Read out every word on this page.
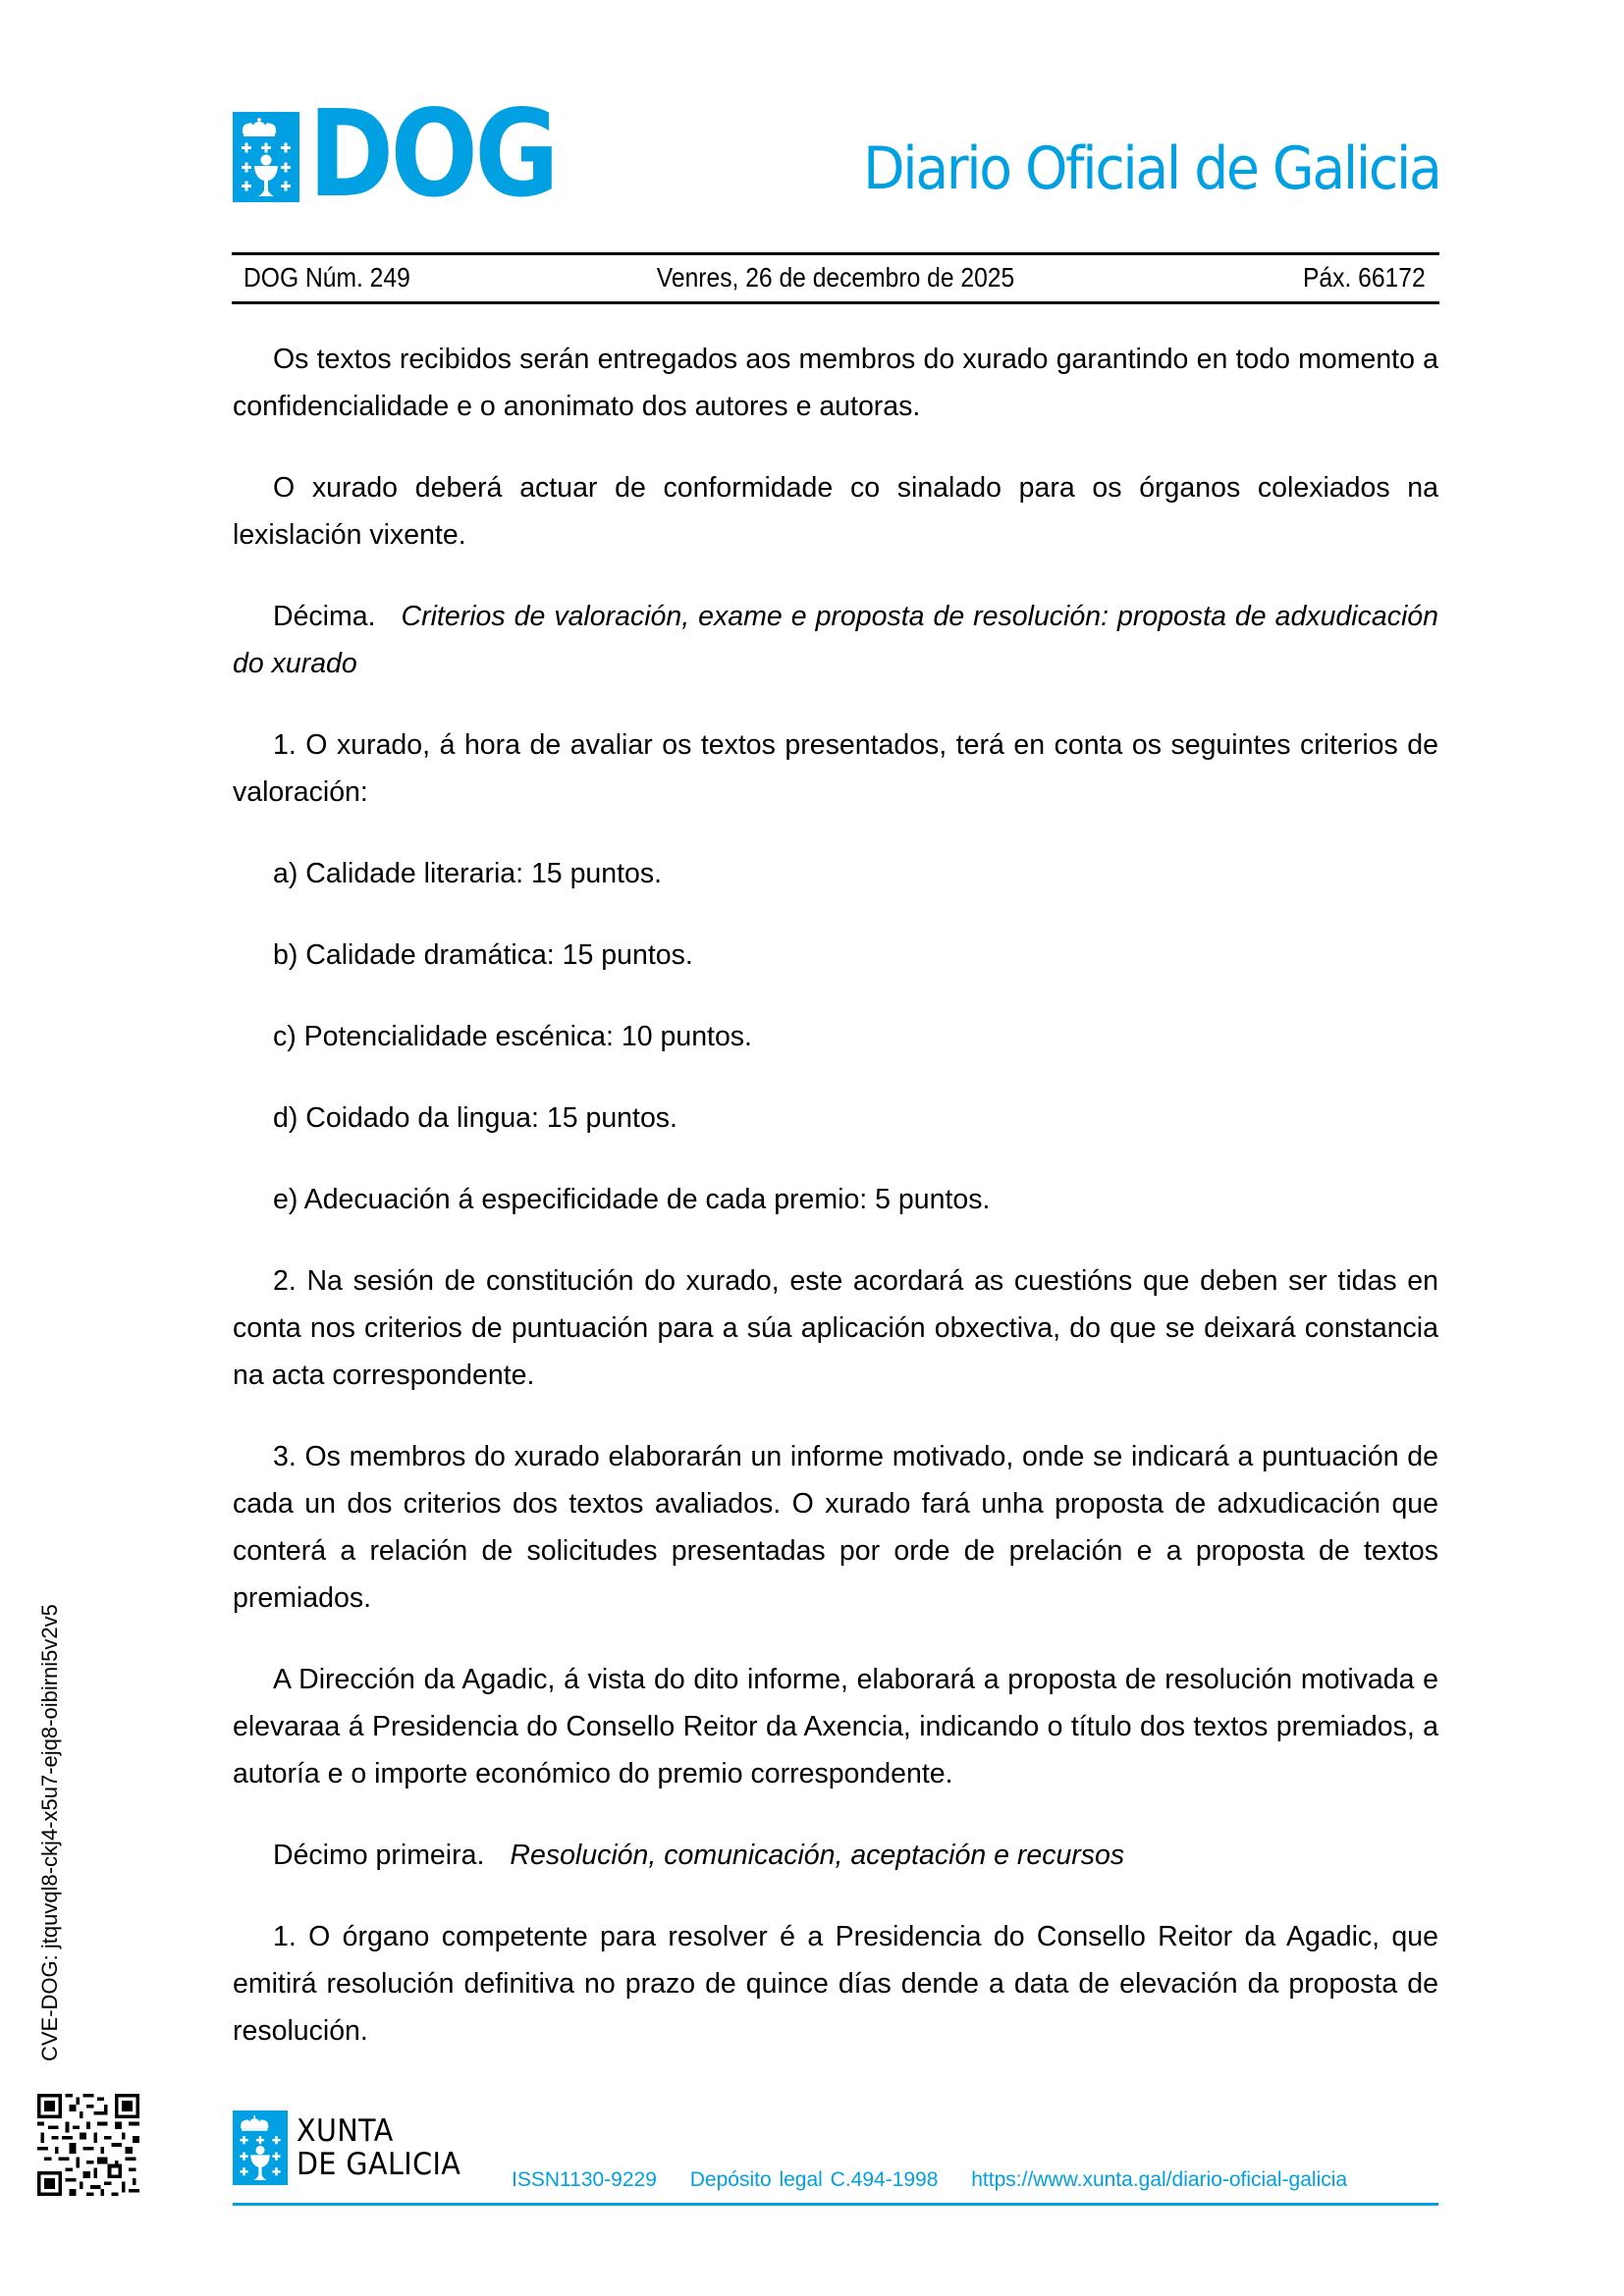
DOG	Diario Oficial de Galicia
DOG Núm. 249	Venres, 26 de decembro de 2025	Páx. 66172

Os textos recibidos serán entregados aos membros do xurado garantindo en todo momento a confidencialidade e o anonimato dos autores e autoras.

O xurado deberá actuar de conformidade co sinalado para os órganos colexiados na lexislación vixente.

Décima. Criterios de valoración, exame e proposta de resolución: proposta de adxudicación do xurado

1. O xurado, á hora de avaliar os textos presentados, terá en conta os seguintes criterios de valoración:

a) Calidade literaria: 15 puntos.

b) Calidade dramática: 15 puntos.

c) Potencialidade escénica: 10 puntos.

d) Coidado da lingua: 15 puntos.

e) Adecuación á especificidade de cada premio: 5 puntos.

2. Na sesión de constitución do xurado, este acordará as cuestións que deben ser tidas en conta nos criterios de puntuación para a súa aplicación obxectiva, do que se deixará constancia na acta correspondente.

3. Os membros do xurado elaborarán un informe motivado, onde se indicará a puntuación de cada un dos criterios dos textos avaliados. O xurado fará unha proposta de adxudicación que conterá a relación de solicitudes presentadas por orde de prelación e a proposta de textos premiados.

A Dirección da Agadic, á vista do dito informe, elaborará a proposta de resolución motivada e elevaraa á Presidencia do Consello Reitor da Axencia, indicando o título dos textos premiados, a autoría e o importe económico do premio correspondente.

Décimo primeira. Resolución, comunicación, aceptación e recursos

1. O órgano competente para resolver é a Presidencia do Consello Reitor da Agadic, que emitirá resolución definitiva no prazo de quince días dende a data de elevación da proposta de resolución.

CVE-DOG: jtquvql8-ckj4-x5u7-ejq8-oibirni5v2v5
XUNTA
DE GALICIA ISSN1130-9229 Depósito legal C.494-1998 https://www.xunta.gal/diario-oficial-galicia
